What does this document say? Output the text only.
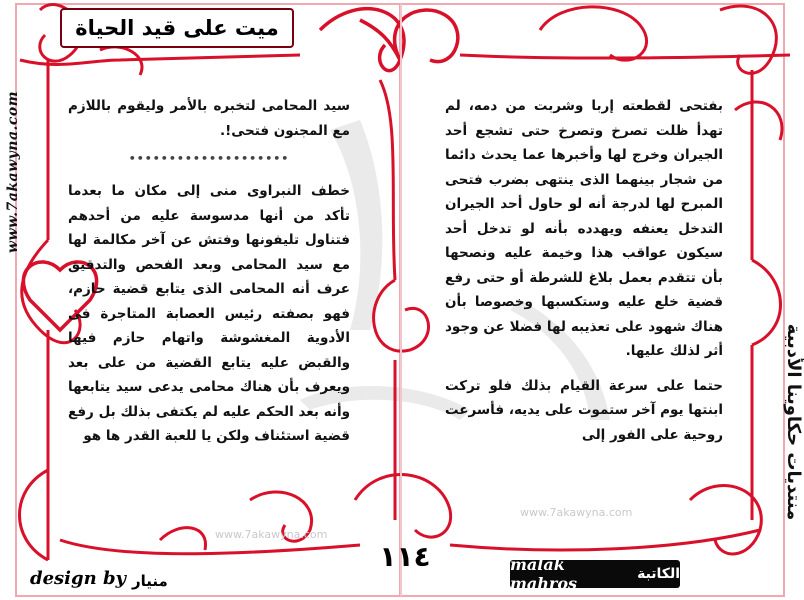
www.7akawyna.com
www.7akawyna.com
ميت على قيد الحياة
www.7akawyna.com
منتديات حكاوينا الأدبية

سيد المحامى لتخبره بالأمر وليقوم باللازم مع المجنون فتحى!.

••••••••••••••••••••

خطف النبراوى منى إلى مكان ما بعدما تأكد من أنها مدسوسة عليه من أحدهم فتناول تليفونها وفتش عن آخر مكالمة لها مع سيد المحامى وبعد الفحص والتدقيق عرف أنه المحامى الذى يتابع قضية حازم، فهو بصفته رئيس العصابة المتاجرة فى الأدوية المغشوشة واتهام حازم فيها والقبض عليه يتابع القضية من على بعد ويعرف بأن هناك محامى يدعى سيد يتابعها وأنه بعد الحكم عليه لم يكتفى بذلك بل رفع قضية استئناف ولكن يا للعبة القدر ها هو

بفتحى لقطعته إربا وشربت من دمه، لم تهدأ ظلت تصرخ وتصرخ حتى تشجع أحد الجيران وخرج لها وأخبرها عما يحدث دائما من شجار بينهما الذى ينتهى بضرب فتحى المبرح لها لدرجة أنه لو حاول أحد الجيران التدخل يعنفه ويهدده بأنه لو تدخل أحد سيكون عواقب هذا وخيمة عليه ونصحها بأن تتقدم بعمل بلاغ للشرطة أو حتى رفع قضية خلع عليه وستكسبها وخصوصا بأن هناك شهود على تعذيبه لها فضلا عن وجود أثر لذلك عليها.

حتما على سرعة القيام بذلك فلو تركت ابنتها يوم آخر ستموت على يديه، فأسرعت روحية على الفور إلى

١١٤	malak mahros	الكاتبة
design by منيار
